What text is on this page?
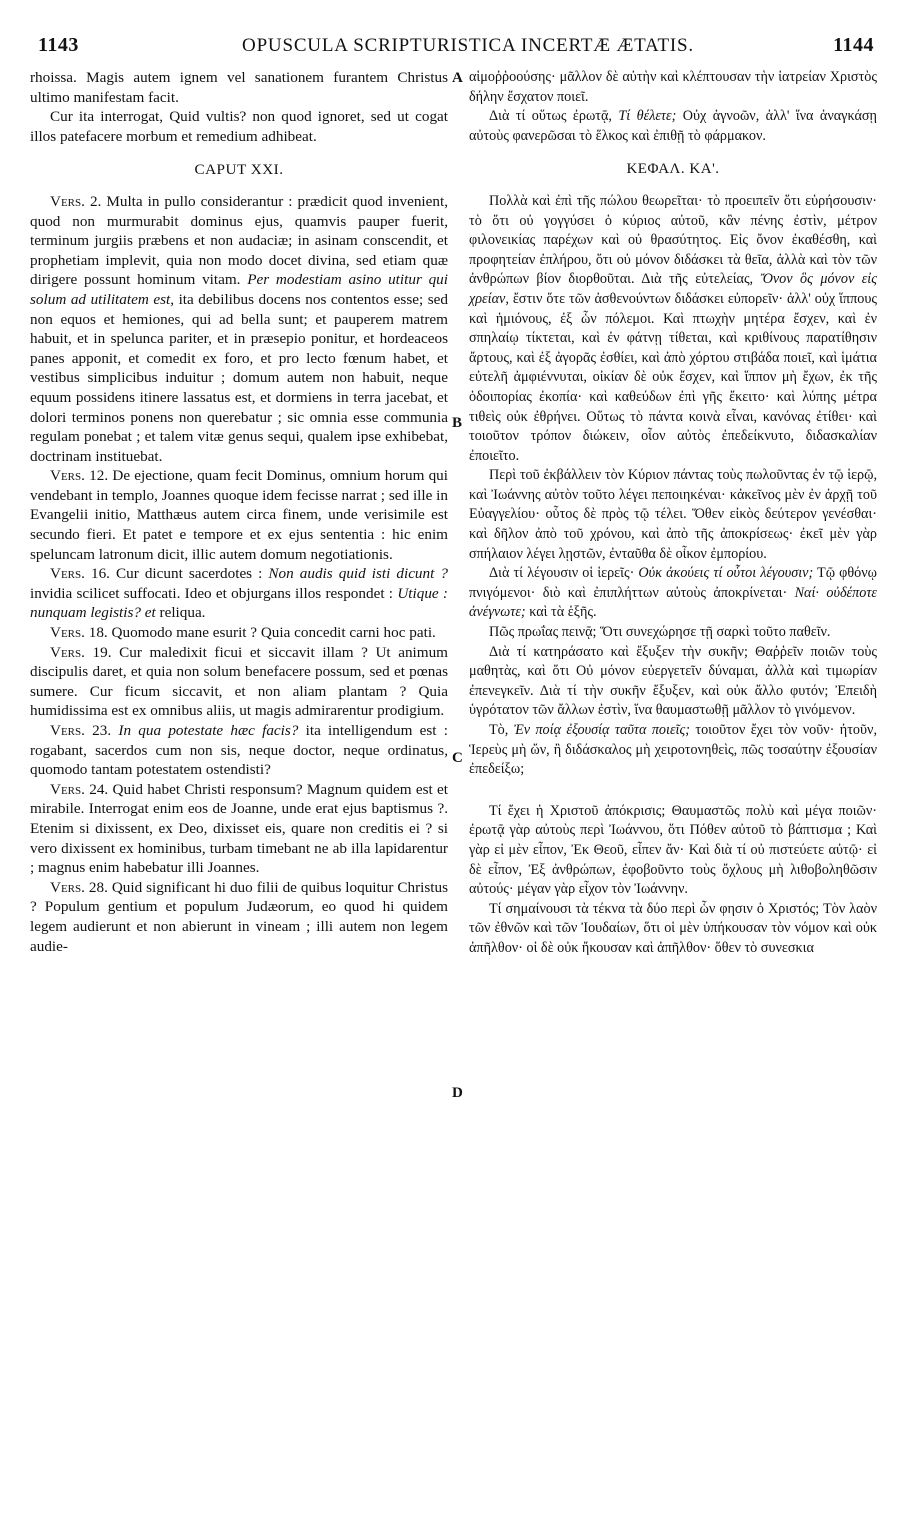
1143	OPUSCULA SCRIPTURISTICA INCERTÆ ÆTATIS.	1144
A
B
C
D

rhoissa. Magis autem ignem vel sanationem furantem Christus ultimo manifestam facit.

Cur ita interrogat, Quid vultis? non quod ignoret, sed ut cogat illos patefacere morbum et remedium adhibeat.

CAPUT XXI.

Vers. 2. Multa in pullo considerantur : prædicit quod invenient, quod non murmurabit dominus ejus, quamvis pauper fuerit, terminum jurgiis præbens et non audaciæ; in asinam conscendit, et prophetiam implevit, quia non modo docet divina, sed etiam quæ dirigere possunt hominum vitam. Per modestiam asino utitur qui solum ad utilitatem est, ita debilibus docens nos contentos esse; sed non equos et hemiones, qui ad bella sunt; et pauperem matrem habuit, et in spelunca pariter, et in præsepio ponitur, et hordeaceos panes apponit, et comedit ex foro, et pro lecto fœnum habet, et vestibus simplicibus induitur ; domum autem non habuit, neque equum possidens itinere lassatus est, et dormiens in terra jacebat, et dolori terminos ponens non querebatur ; sic omnia esse communia regulam ponebat ; et talem vitæ genus sequi, qualem ipse exhibebat, doctrinam instituebat.

Vers. 12. De ejectione, quam fecit Dominus, omnium horum qui vendebant in templo, Joannes quoque idem fecisse narrat ; sed ille in Evangelii initio, Matthæus autem circa finem, unde verisimile est secundo fieri. Et patet e tempore et ex ejus sententia : hic enim speluncam latronum dicit, illic autem domum negotiationis.

Vers. 16. Cur dicunt sacerdotes : Non audis quid isti dicunt ? invidia scilicet suffocati. Ideo et objurgans illos respondet : Utique : nunquam legistis? et reliqua.

Vers. 18. Quomodo mane esurit ? Quia concedit carni hoc pati.

Vers. 19. Cur maledixit ficui et siccavit illam ? Ut animum discipulis daret, et quia non solum benefacere possum, sed et pœnas sumere. Cur ficum siccavit, et non aliam plantam ? Quia humidissima est ex omnibus aliis, ut magis admirarentur prodigium.

Vers. 23. In qua potestate hæc facis? ita intelligendum est : rogabant, sacerdos cum non sis, neque doctor, neque ordinatus, quomodo tantam potestatem ostendisti?

Vers. 24. Quid habet Christi responsum? Magnum quidem est et mirabile. Interrogat enim eos de Joanne, unde erat ejus baptismus ?. Etenim si dixissent, ex Deo, dixisset eis, quare non creditis ei ? si vero dixissent ex hominibus, turbam timebant ne ab illa lapidarentur ; magnus enim habebatur illi Joannes.

Vers. 28. Quid significant hi duo filii de quibus loquitur Christus ? Populum gentium et populum Judæorum, eo quod hi quidem legem audierunt et non abierunt in vineam ; illi autem non legem audie-

αἱμοῤῥοούσης· μᾶλλον δὲ αὐτὴν καὶ κλέπτουσαν τὴν ἰατρείαν Χριστὸς δήλην ἔσχατον ποιεῖ.

Διὰ τί οὕτως ἐρωτᾷ, Τί θέλετε; Οὐχ ἀγνοῶν, ἀλλ' ἵνα ἀναγκάσῃ αὐτοὺς φανερῶσαι τὸ ἕλκος καὶ ἐπιθῇ τὸ φάρμακον.

ΚΕΦΑΛ. ΚΑ'.

Πολλὰ καὶ ἐπὶ τῆς πώλου θεωρεῖται· τὸ προειπεῖν ὅτι εὑρήσουσιν· τὸ ὅτι οὐ γογγύσει ὁ κύριος αὐτοῦ, κἂν πένης ἐστὶν, μέτρον φιλονεικίας παρέχων καὶ οὐ θρασύτητος. Εἰς ὄνον ἐκαθέσθη, καὶ προφητείαν ἐπλήρου, ὅτι οὐ μόνον διδάσκει τὰ θεῖα, ἀλλὰ καὶ τὸν τῶν ἀνθρώπων βίον διορθοῦται. Διὰ τῆς εὐτελείας, Ὄνον ὃς μόνον εἰς χρείαν, ἔστιν ὅτε τῶν ἀσθενούντων διδάσκει εὐπορεῖν· ἀλλ' οὐχ ἵππους καὶ ἡμιόνους, ἐξ ὧν πόλεμοι. Καὶ πτωχὴν μητέρα ἔσχεν, καὶ ἐν σπηλαίῳ τίκτεται, καὶ ἐν φάτνῃ τίθεται, καὶ κριθίνους παρατίθησιν ἄρτους, καὶ ἐξ ἀγορᾶς ἐσθίει, καὶ ἀπὸ χόρτου στιβάδα ποιεῖ, καὶ ἱμάτια εὐτελῆ ἀμφιέννυται, οἰκίαν δὲ οὐκ ἔσχεν, καὶ ἵππον μὴ ἔχων, ἐκ τῆς ὁδοιπορίας ἐκοπία· καὶ καθεύδων ἐπὶ γῆς ἔκειτο· καὶ λύπης μέτρα τιθεὶς οὐκ ἐθρήνει. Οὕτως τὸ πάντα κοινὰ εἶναι, κανόνας ἐτίθει· καὶ τοιοῦτον τρόπον διώκειν, οἷον αὐτὸς ἐπεδείκνυτο, διδασκαλίαν ἐποιεῖτο.

Περὶ τοῦ ἐκβάλλειν τὸν Κύριον πάντας τοὺς πωλοῦντας ἐν τῷ ἱερῷ, καὶ Ἰωάννης αὐτὸν τοῦτο λέγει πεποιηκέναι· κἀκεῖνος μὲν ἐν ἀρχῇ τοῦ Εὐαγγελίου· οὗτος δὲ πρὸς τῷ τέλει. Ὅθεν εἰκὸς δεύτερον γενέσθαι· καὶ δῆλον ἀπὸ τοῦ χρόνου, καὶ ἀπὸ τῆς ἀποκρίσεως· ἐκεῖ μὲν γὰρ σπήλαιον λέγει λῃστῶν, ἐνταῦθα δὲ οἶκον ἐμπορίου.

Διὰ τί λέγουσιν οἱ ἱερεῖς· Οὐκ ἀκούεις τί οὗτοι λέγουσιν; Τῷ φθόνῳ πνιγόμενοι· διὸ καὶ ἐπιπλήττων αὐτοὺς ἀποκρίνεται· Ναί· οὐδέποτε ἀνέγνωτε; καὶ τὰ ἑξῆς.

Πῶς πρωΐας πεινᾷ; Ὅτι συνεχώρησε τῇ σαρκὶ τοῦτο παθεῖν.

Διὰ τί κατηράσατο καὶ ἔξυξεν τὴν συκῆν; Θαῤῥεῖν ποιῶν τοὺς μαθητὰς, καὶ ὅτι Οὐ μόνον εὐεργετεῖν δύναμαι, ἀλλὰ καὶ τιμωρίαν ἐπενεγκεῖν. Διὰ τί τὴν συκῆν ἔξυξεν, καὶ οὐκ ἄλλο φυτόν; Ἐπειδὴ ὑγρότατον τῶν ἄλλων ἐστὶν, ἵνα θαυμαστωθῇ μᾶλλον τὸ γινόμενον.

Τὸ, Ἐν ποίᾳ ἐξουσίᾳ ταῦτα ποιεῖς; τοιοῦτον ἔχει τὸν νοῦν· ἠτοῦν, Ἱερεὺς μὴ ὤν, ἢ διδάσκαλος μὴ χειροτονηθεὶς, πῶς τοσαύτην ἐξουσίαν ἐπεδείξω;

Τί ἔχει ἡ Χριστοῦ ἀπόκρισις; Θαυμαστῶς πολὺ καὶ μέγα ποιῶν· ἐρωτᾷ γὰρ αὐτοὺς περὶ Ἰωάννου, ὅτι Πόθεν αὐτοῦ τὸ βάπτισμα ; Καὶ γὰρ εἰ μὲν εἶπον, Ἐκ Θεοῦ, εἶπεν ἄν· Καὶ διὰ τί οὐ πιστεύετε αὐτῷ· εἰ δὲ εἶπον, Ἐξ ἀνθρώπων, ἐφοβοῦντο τοὺς ὄχλους μὴ λιθοβοληθῶσιν αὐτούς· μέγαν γὰρ εἶχον τὸν Ἰωάννην.

Τί σημαίνουσι τὰ τέκνα τὰ δύο περὶ ὧν φησιν ὁ Χριστός; Τὸν λαὸν τῶν ἐθνῶν καὶ τῶν Ἰουδαίων, ὅτι οἱ μὲν ὑπήκουσαν τὸν νόμον καὶ οὐκ ἀπῆλθον· οἱ δὲ οὐκ ἤκουσαν καὶ ἀπῆλθον· ὅθεν τὸ συνεσκια
